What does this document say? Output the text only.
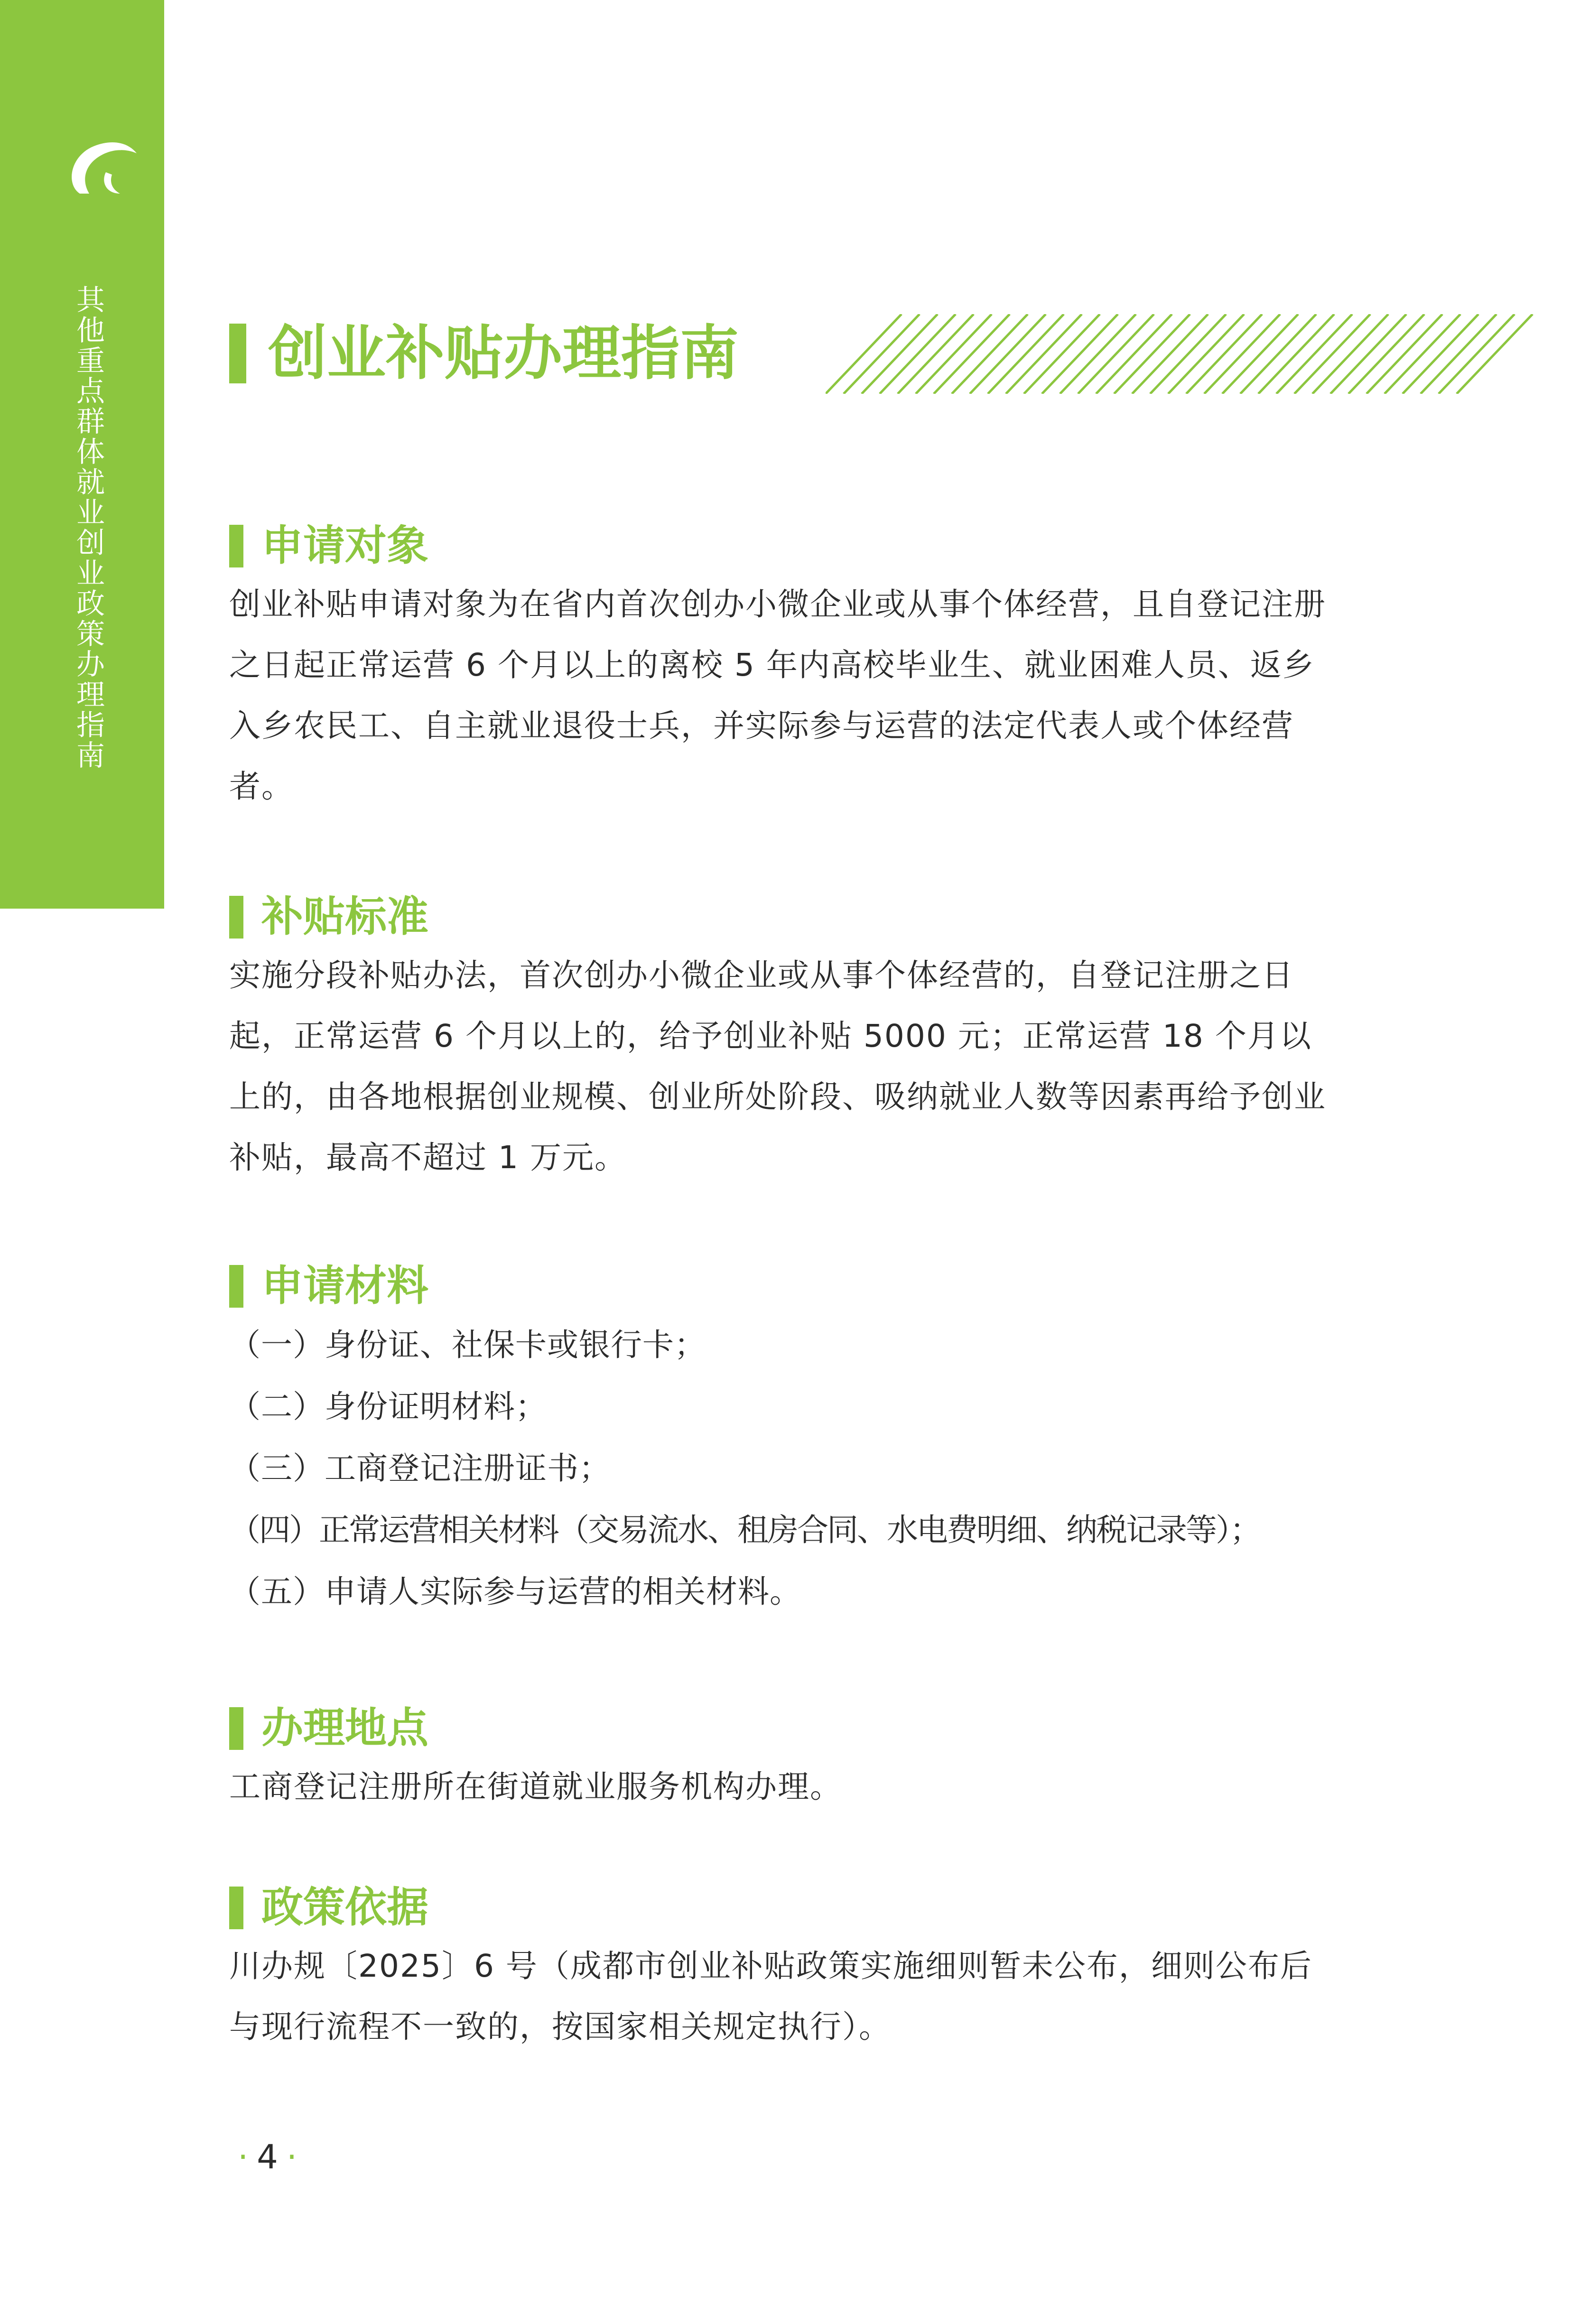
其他重点群体就业创业政策办理指南	创业补贴办理指南
申请对象

创业补贴申请对象为在省内首次创办小微企业或从事个体经营，且自登记注册之日起正常运营 6 个月以上的离校 5 年内高校毕业生、就业困难人员、返乡入乡农民工、自主就业退役士兵，并实际参与运营的法定代表人或个体经营者。

补贴标准

实施分段补贴办法，首次创办小微企业或从事个体经营的，自登记注册之日起，正常运营 6 个月以上的，给予创业补贴 5000 元；正常运营 18 个月以上的，由各地根据创业规模、创业所处阶段、吸纳就业人数等因素再给予创业补贴，最高不超过 1 万元。

申请材料
（一）身份证、社保卡或银行卡；
（二）身份证明材料；
（三）工商登记注册证书；
（四）正常运营相关材料（交易流水、租房合同、水电费明细、纳税记录等）；
（五）申请人实际参与运营的相关材料。
办理地点

工商登记注册所在街道就业服务机构办理。

政策依据

川办规〔2025〕6 号（成都市创业补贴政策实施细则暂未公布，细则公布后与现行流程不一致的，按国家相关规定执行）。

· 4 ·
